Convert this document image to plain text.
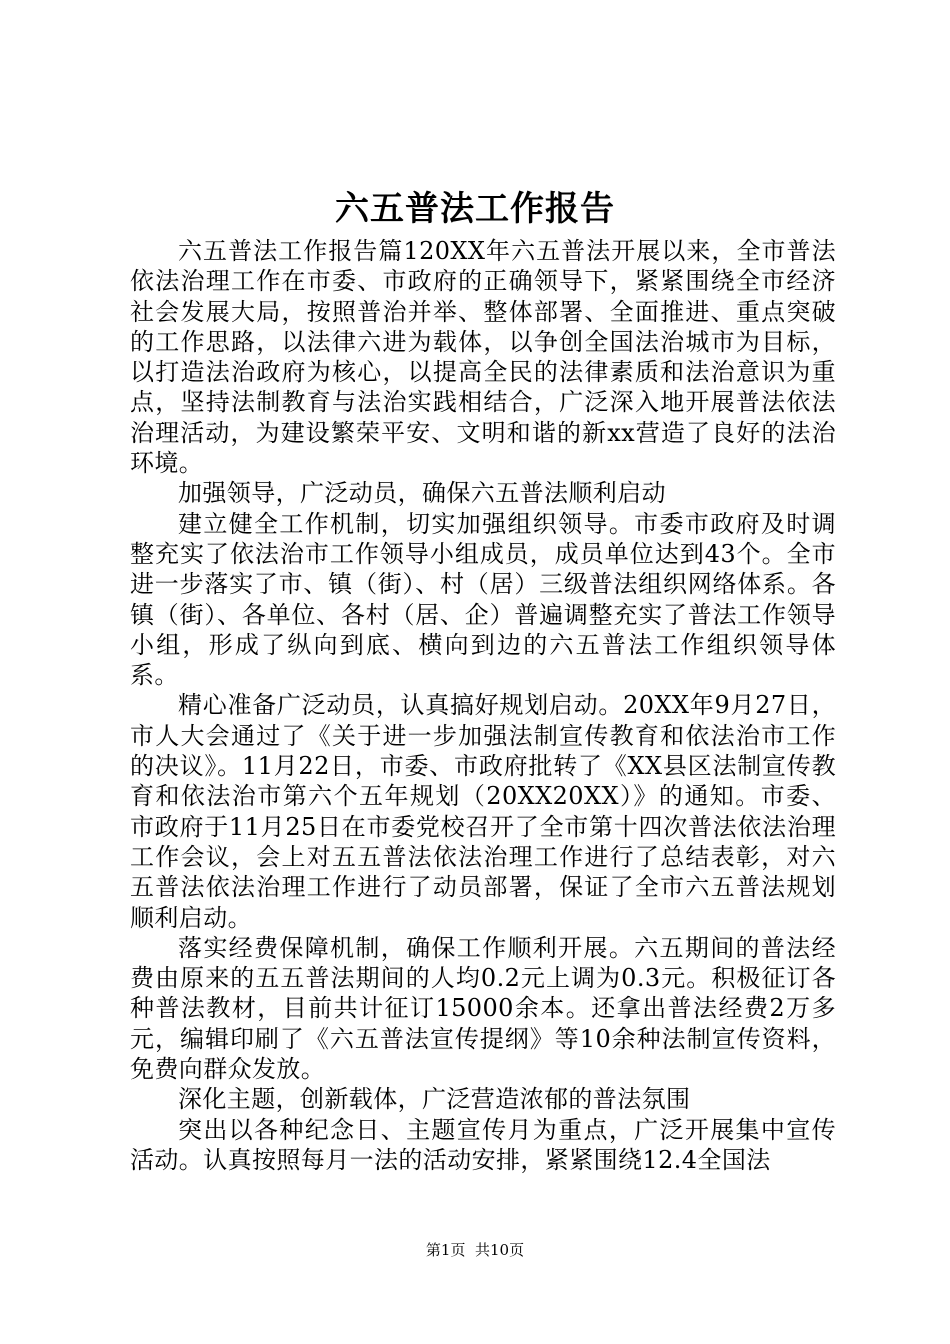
六五普法工作报告

六五普法工作报告篇120XX年六五普法开展以来，全市普法依法治理工作在市委、市政府的正确领导下，紧紧围绕全市经济社会发展大局，按照普治并举、整体部署、全面推进、重点突破的工作思路，以法律六进为载体，以争创全国法治城市为目标，以打造法治政府为核心，以提高全民的法律素质和法治意识为重点，坚持法制教育与法治实践相结合，广泛深入地开展普法依法治理活动，为建设繁荣平安、文明和谐的新xx营造了良好的法治环境。

加强领导，广泛动员，确保六五普法顺利启动

建立健全工作机制，切实加强组织领导。市委市政府及时调整充实了依法治市工作领导小组成员，成员单位达到43个。全市进一步落实了市、镇（街）、村（居）三级普法组织网络体系。各镇（街）、各单位、各村（居、企）普遍调整充实了普法工作领导小组，形成了纵向到底、横向到边的六五普法工作组织领导体系。

精心准备广泛动员，认真搞好规划启动。20XX年9月27日，市人大会通过了《关于进一步加强法制宣传教育和依法治市工作的决议》。11月22日，市委、市政府批转了《XX县区法制宣传教育和依法治市第六个五年规划（20XX20XX）》的通知。市委、市政府于11月25日在市委党校召开了全市第十四次普法依法治理工作会议，会上对五五普法依法治理工作进行了总结表彰，对六五普法依法治理工作进行了动员部署，保证了全市六五普法规划顺利启动。

落实经费保障机制，确保工作顺利开展。六五期间的普法经费由原来的五五普法期间的人均0.2元上调为0.3元。积极征订各种普法教材，目前共计征订15000余本。还拿出普法经费2万多元，编辑印刷了《六五普法宣传提纲》等10余种法制宣传资料，免费向群众发放。

深化主题，创新载体，广泛营造浓郁的普法氛围

突出以各种纪念日、主题宣传月为重点，广泛开展集中宣传活动。认真按照每月一法的活动安排，紧紧围绕12.4全国法

第1页  共10页
